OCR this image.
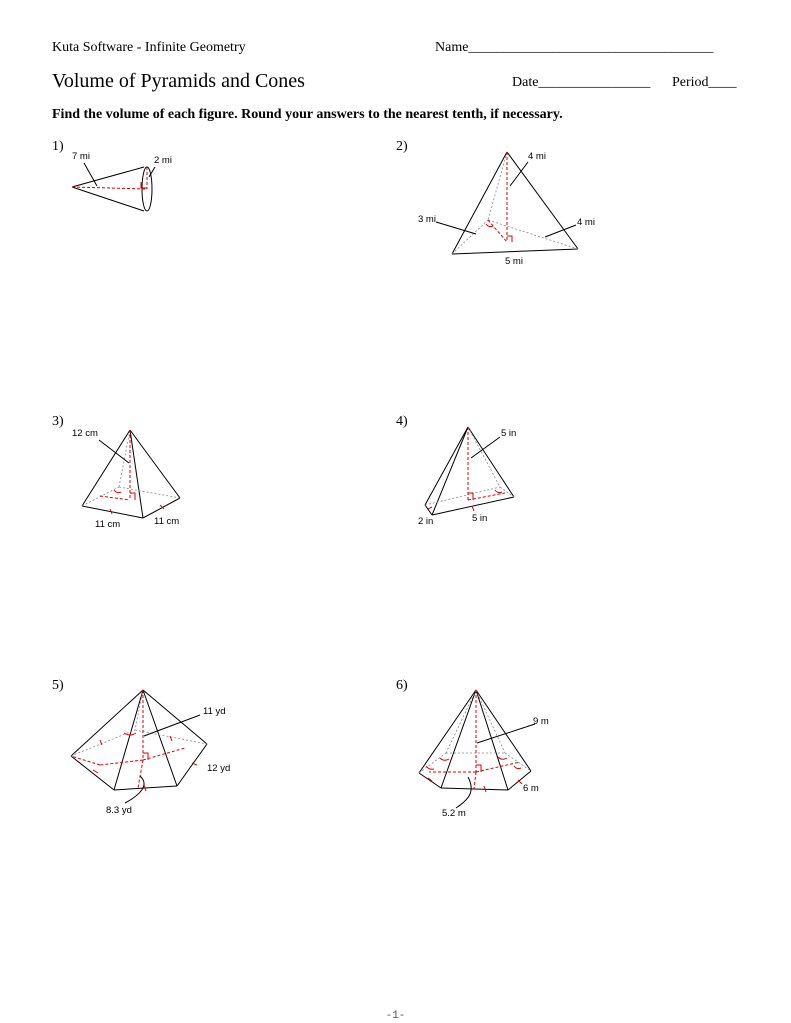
Kuta Software - Infinite Geometry	Name___________________________________
Volume of Pyramids and Cones	Date________________ Period____
Find the volume of each figure. Round your answers to the nearest tenth, if necessary.
1)	2)
3)	4)
5)	6)
7 mi	2 mi	4 mi
3 mi	4 mi
5 mi
12 cm
11 cm	11 cm
5 in
2 in	5 in
11 yd
12 yd
8.3 yd
9 m
6 m
5.2 m
-1-
